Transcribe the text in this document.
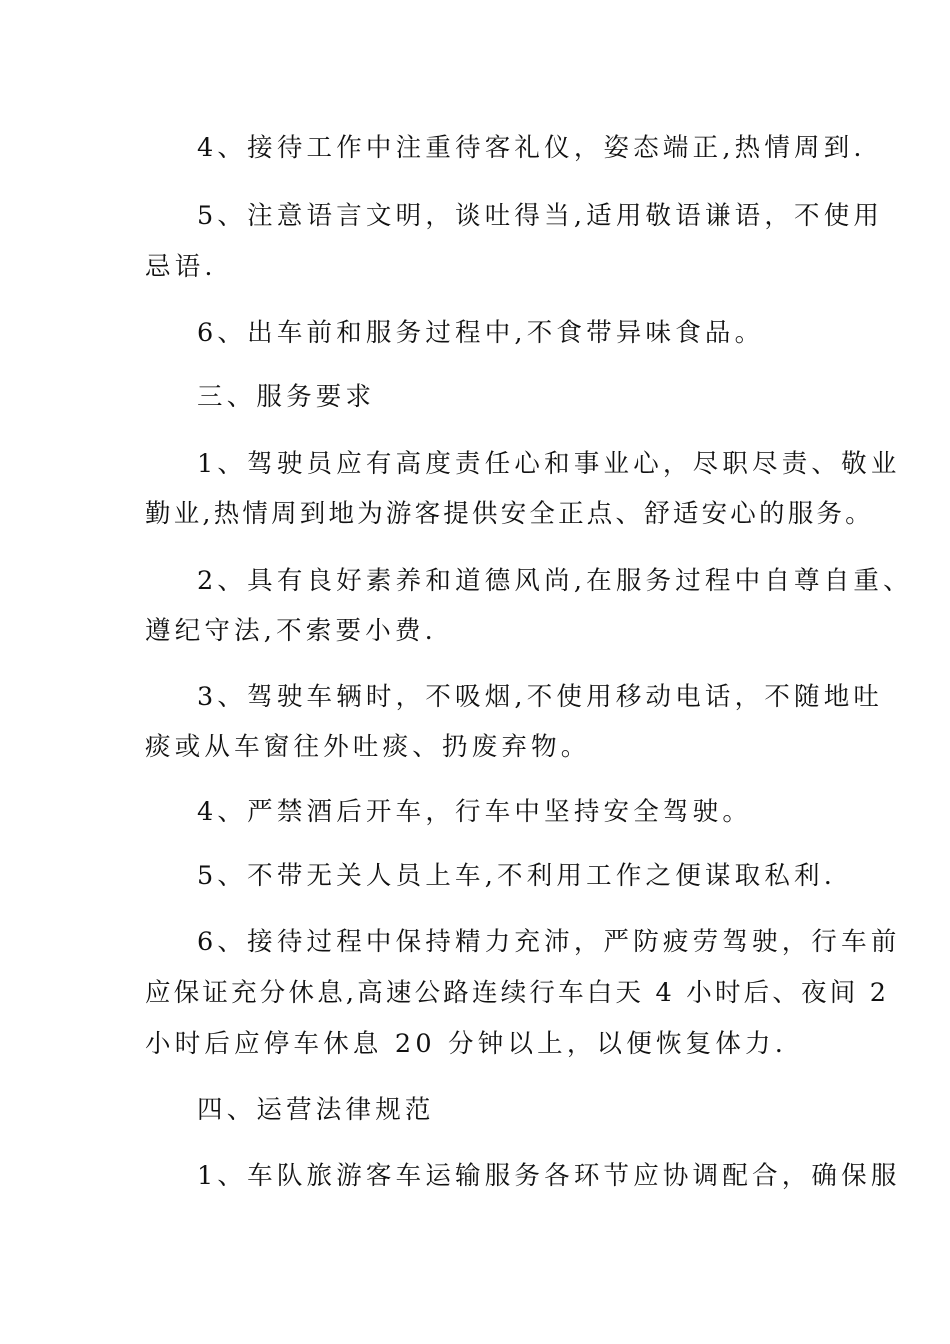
4、接待工作中注重待客礼仪，姿态端正,热情周到.

5、注意语言文明，谈吐得当,适用敬语谦语，不使用

忌语.

6、出车前和服务过程中,不食带异味食品。

三、服务要求

1、驾驶员应有高度责任心和事业心，尽职尽责、敬业

勤业,热情周到地为游客提供安全正点、舒适安心的服务。

2、具有良好素养和道德风尚,在服务过程中自尊自重、

遵纪守法,不索要小费.

3、驾驶车辆时，不吸烟,不使用移动电话，不随地吐

痰或从车窗往外吐痰、扔废弃物。

4、严禁酒后开车，行车中坚持安全驾驶。

5、不带无关人员上车,不利用工作之便谋取私利.

6、接待过程中保持精力充沛，严防疲劳驾驶，行车前

应保证充分休息,高速公路连续行车白天 4 小时后、夜间 2

小时后应停车休息 20 分钟以上，以便恢复体力.

四、运营法律规范

1、车队旅游客车运输服务各环节应协调配合，确保服
